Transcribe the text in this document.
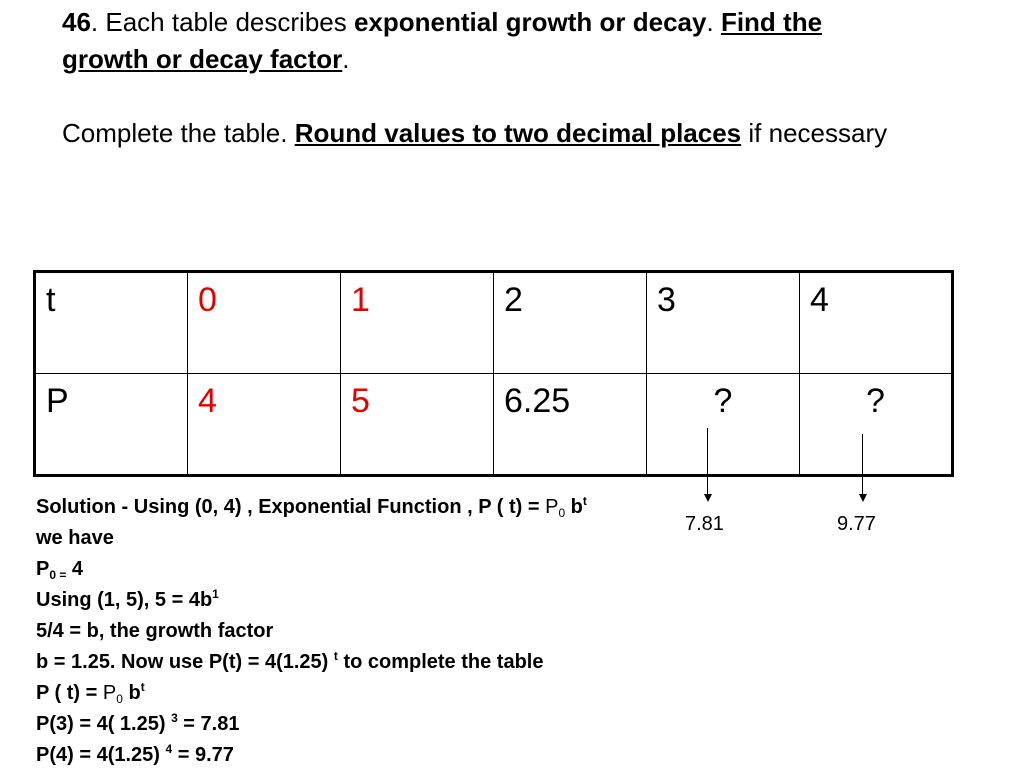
46. Each table describes exponential growth or decay. Find the
growth or decay factor.
Complete the table. Round values to two decimal places if necessary
t	0	1	2	3	4
P	4	5	6.25	?	?
7.81	9.77
Solution - Using (0, 4) , Exponential Function , P ( $t) = P_0$ $b^t$
we have
$P_{0 =}$ 4
Using (1, 5), $5 = 4b^1$
5/4 = b, the growth factor
b = 1.25. Now use P(t) = 4(1.25) $^t$ to complete the table
P ( $t) = P_0$ $b^t$
P(3) = 4( 1.25) $^3$ = 7.81
P(4) = 4(1.25) $^4$ = 9.77
